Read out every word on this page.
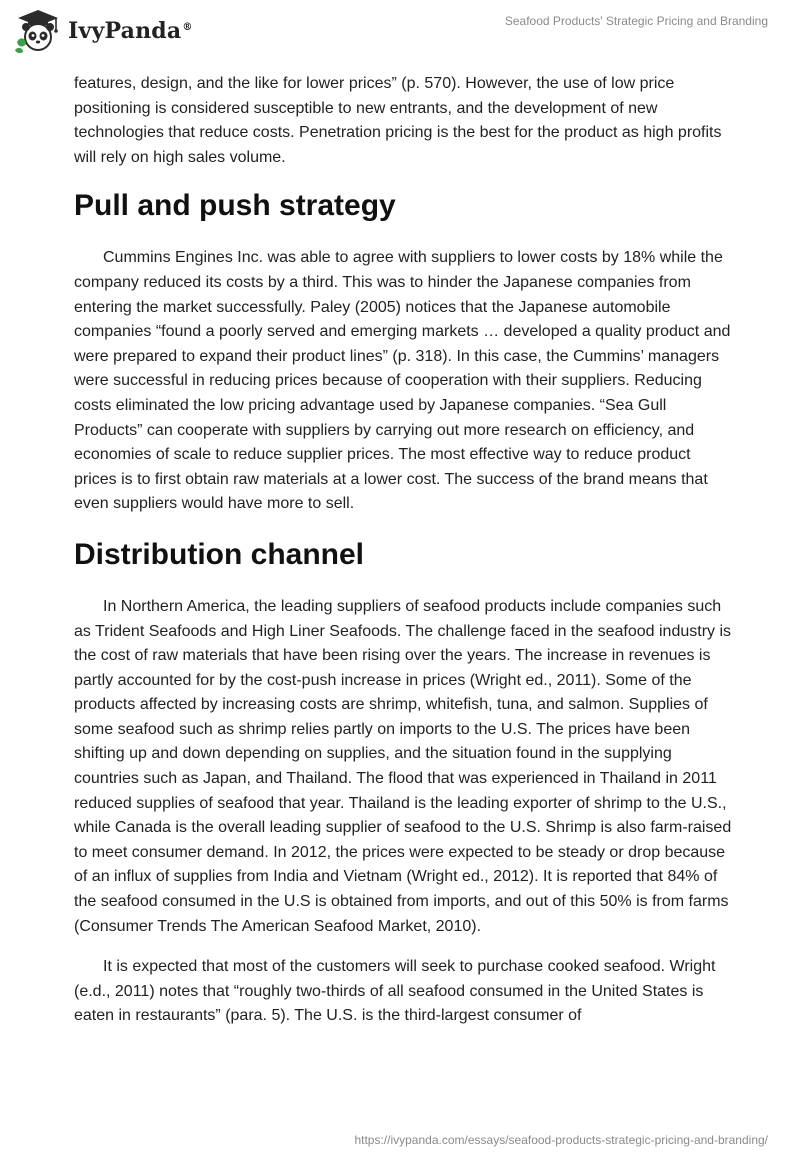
IvyPanda®	Seafood Products' Strategic Pricing and Branding

features, design, and the like for lower prices” (p. 570). However, the use of low price positioning is considered susceptible to new entrants, and the development of new technologies that reduce costs. Penetration pricing is the best for the product as high profits will rely on high sales volume.

Pull and push strategy

Cummins Engines Inc. was able to agree with suppliers to lower costs by 18% while the company reduced its costs by a third. This was to hinder the Japanese companies from entering the market successfully. Paley (2005) notices that the Japanese automobile companies “found a poorly served and emerging markets … developed a quality product and were prepared to expand their product lines” (p. 318). In this case, the Cummins’ managers were successful in reducing prices because of cooperation with their suppliers. Reducing costs eliminated the low pricing advantage used by Japanese companies. “Sea Gull Products” can cooperate with suppliers by carrying out more research on efficiency, and economies of scale to reduce supplier prices. The most effective way to reduce product prices is to first obtain raw materials at a lower cost. The success of the brand means that even suppliers would have more to sell.

Distribution channel

In Northern America, the leading suppliers of seafood products include companies such as Trident Seafoods and High Liner Seafoods. The challenge faced in the seafood industry is the cost of raw materials that have been rising over the years. The increase in revenues is partly accounted for by the cost-push increase in prices (Wright ed., 2011). Some of the products affected by increasing costs are shrimp, whitefish, tuna, and salmon. Supplies of some seafood such as shrimp relies partly on imports to the U.S. The prices have been shifting up and down depending on supplies, and the situation found in the supplying countries such as Japan, and Thailand. The flood that was experienced in Thailand in 2011 reduced supplies of seafood that year. Thailand is the leading exporter of shrimp to the U.S., while Canada is the overall leading supplier of seafood to the U.S. Shrimp is also farm-raised to meet consumer demand. In 2012, the prices were expected to be steady or drop because of an influx of supplies from India and Vietnam (Wright ed., 2012). It is reported that 84% of the seafood consumed in the U.S is obtained from imports, and out of this 50% is from farms (Consumer Trends The American Seafood Market, 2010).

It is expected that most of the customers will seek to purchase cooked seafood. Wright (e.d., 2011) notes that “roughly two-thirds of all seafood consumed in the United States is eaten in restaurants” (para. 5). The U.S. is the third-largest consumer of

https://ivypanda.com/essays/seafood-products-strategic-pricing-and-branding/
